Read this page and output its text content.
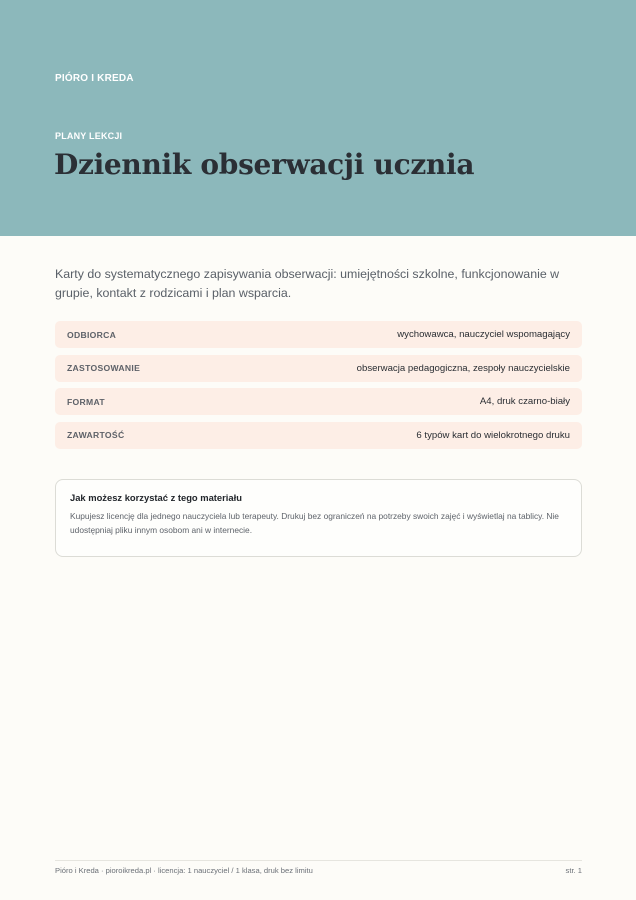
PIÓRO I KREDA
PLANY LEKCJI
Dziennik obserwacji ucznia

Karty do systematycznego zapisywania obserwacji: umiejętności szkolne, funkcjonowanie w grupie, kontakt z rodzicami i plan wsparcia.

ODBIORCA	wychowawca, nauczyciel wspomagający
ZASTOSOWANIE	obserwacja pedagogiczna, zespoły nauczycielskie
FORMAT	A4, druk czarno-biały
ZAWARTOŚĆ	6 typów kart do wielokrotnego druku

Jak możesz korzystać z tego materiału

Kupujesz licencję dla jednego nauczyciela lub terapeuty. Drukuj bez ograniczeń na potrzeby swoich zajęć i wyświetlaj na tablicy. Nie udostępniaj pliku innym osobom ani w internecie.

Pióro i Kreda · pioroikreda.pl · licencja: 1 nauczyciel / 1 klasa, druk bez limitu	str. 1
